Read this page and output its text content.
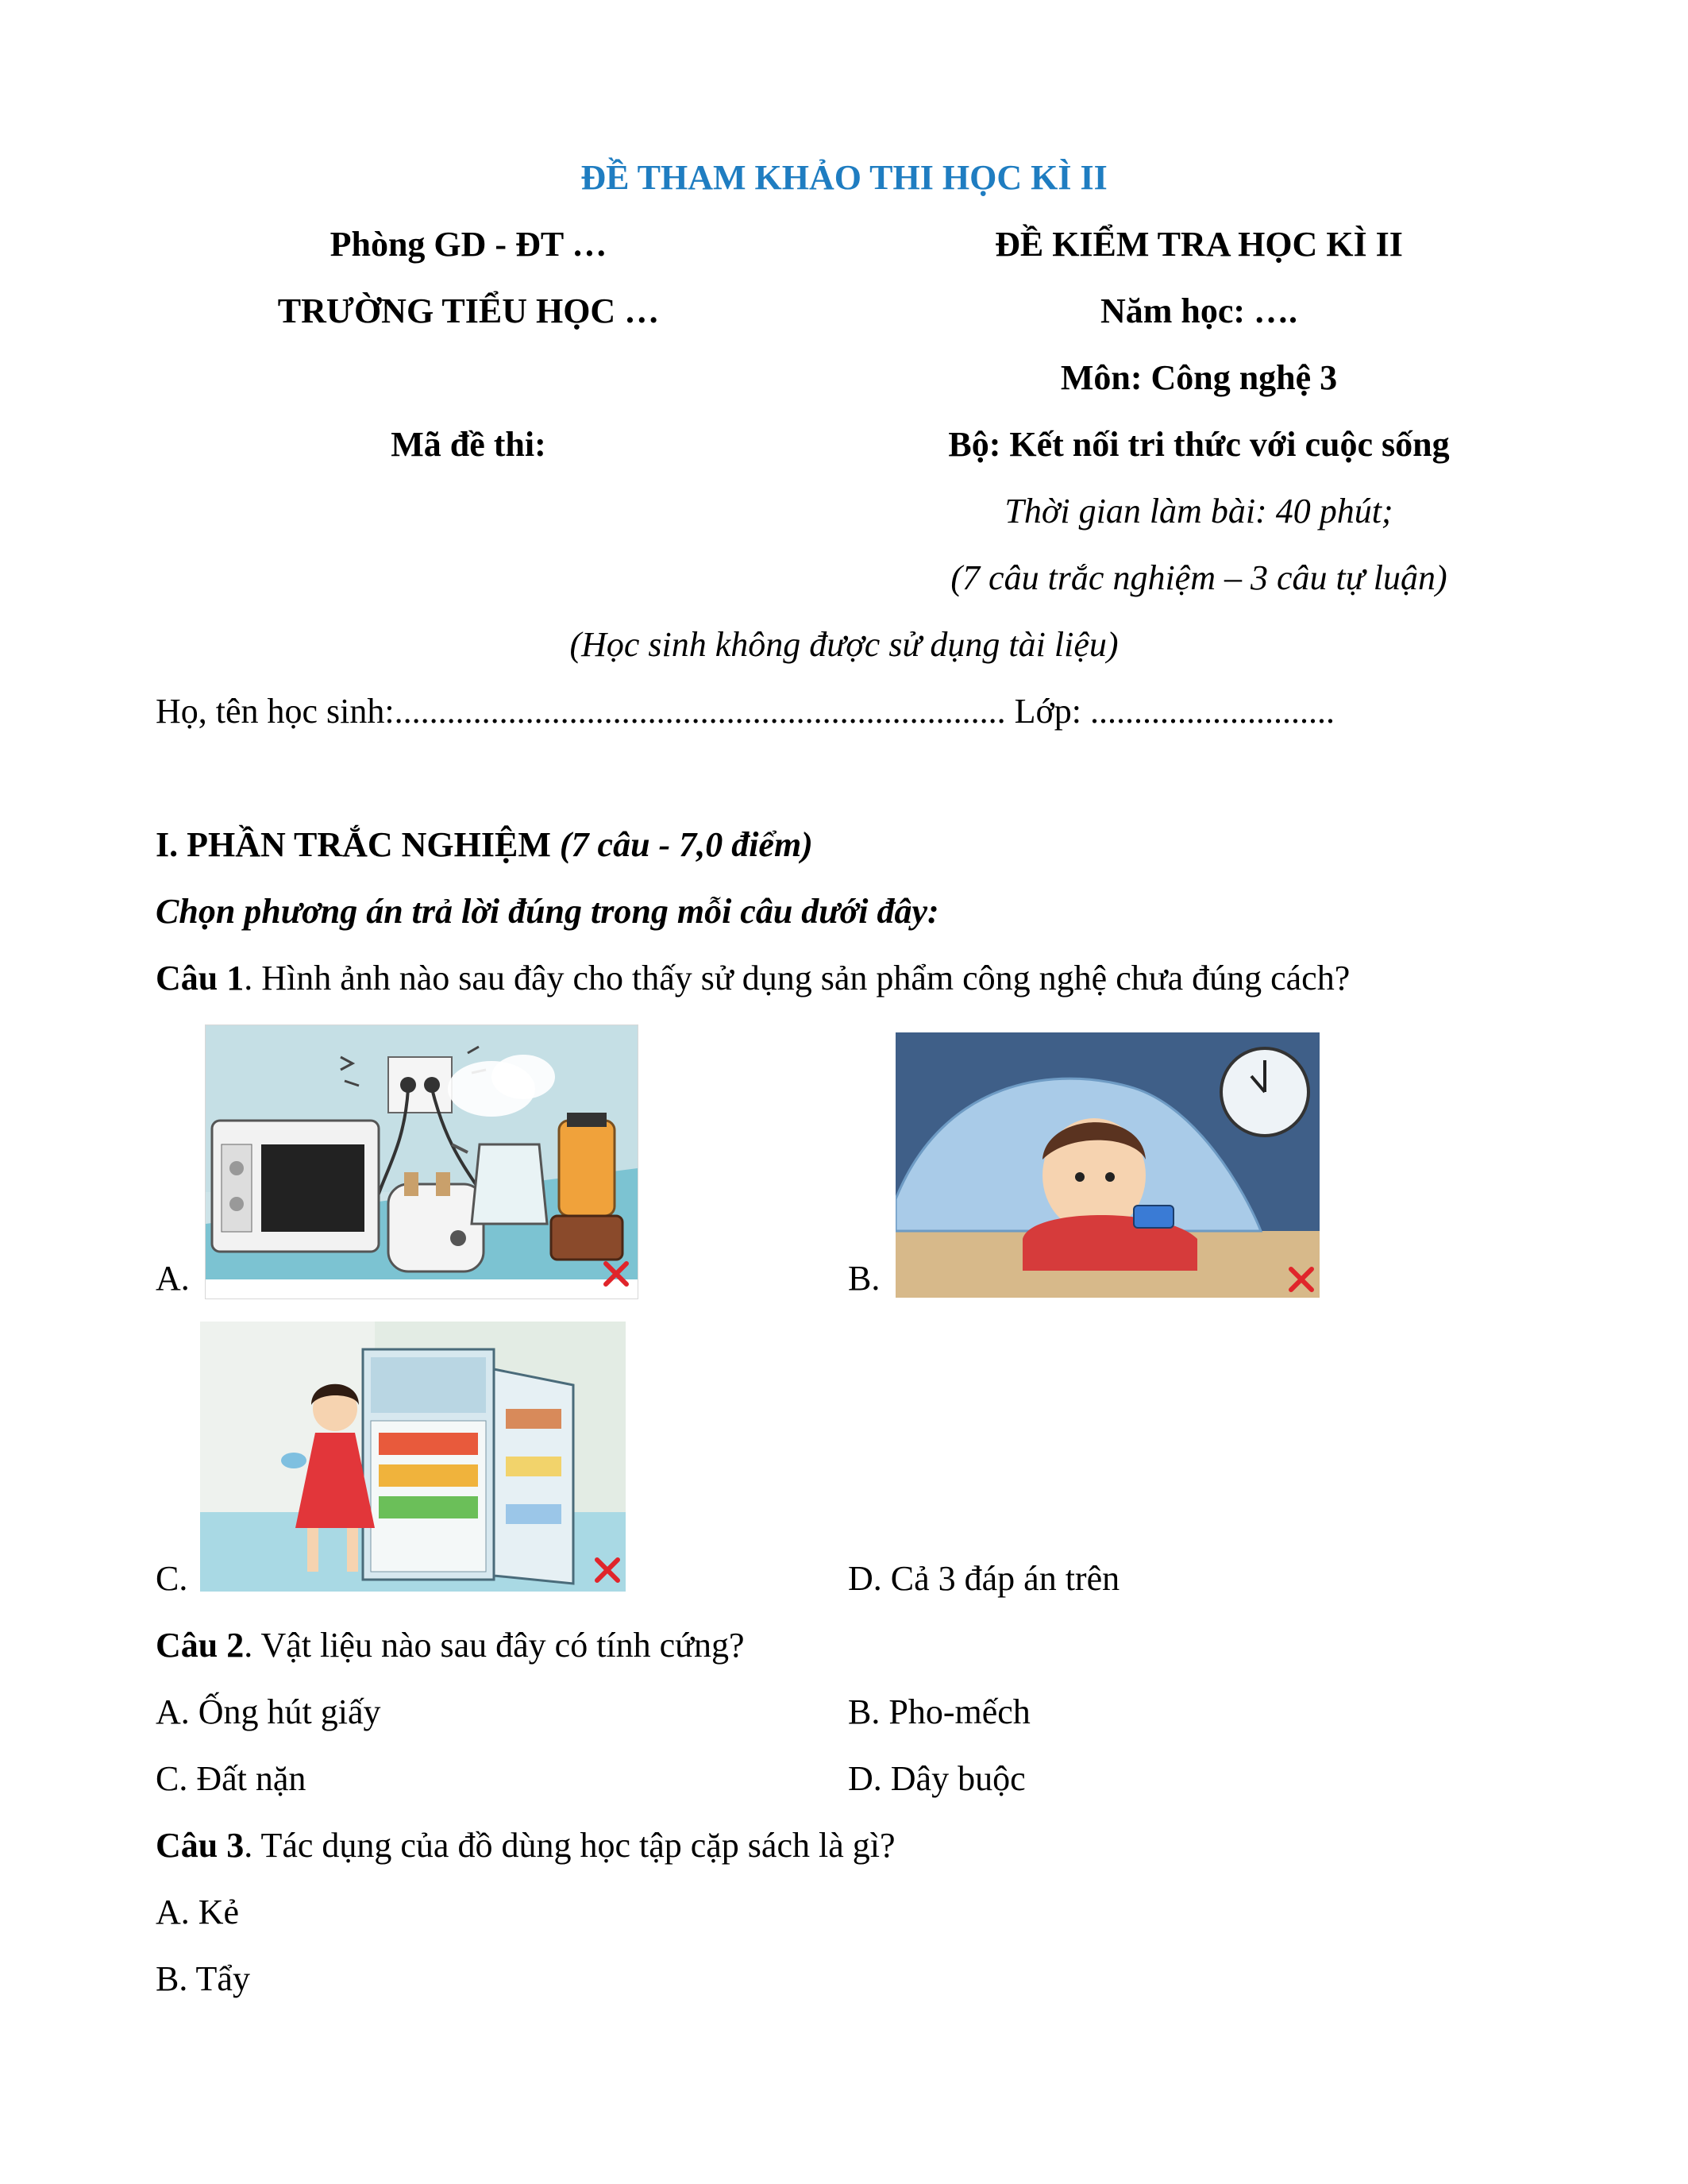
ĐỀ THAM KHẢO THI HỌC KÌ II
Phòng GD - ĐT …
TRƯỜNG TIỂU HỌC …
Mã đề thi:
ĐỀ KIỂM TRA HỌC KÌ II
Năm học: ….
Môn: Công nghệ 3
Bộ: Kết nối tri thức với cuộc sống
Thời gian làm bài: 40 phút;
(7 câu trắc nghiệm – 3 câu tự luận)
(Học sinh không được sử dụng tài liệu)
Họ, tên học sinh:...................................................................... Lớp: ............................
I. PHẦN TRẮC NGHIỆM (7 câu - 7,0 điểm)
Chọn phương án trả lời đúng trong mỗi câu dưới đây:
Câu 1. Hình ảnh nào sau đây cho thấy sử dụng sản phẩm công nghệ chưa đúng cách?
A.	B.
C.	D. Cả 3 đáp án trên
Câu 2. Vật liệu nào sau đây có tính cứng?
A. Ống hút giấy	B. Pho-mếch
C. Đất nặn	D. Dây buộc
Câu 3. Tác dụng của đồ dùng học tập cặp sách là gì?
A. Kẻ
B. Tẩy
